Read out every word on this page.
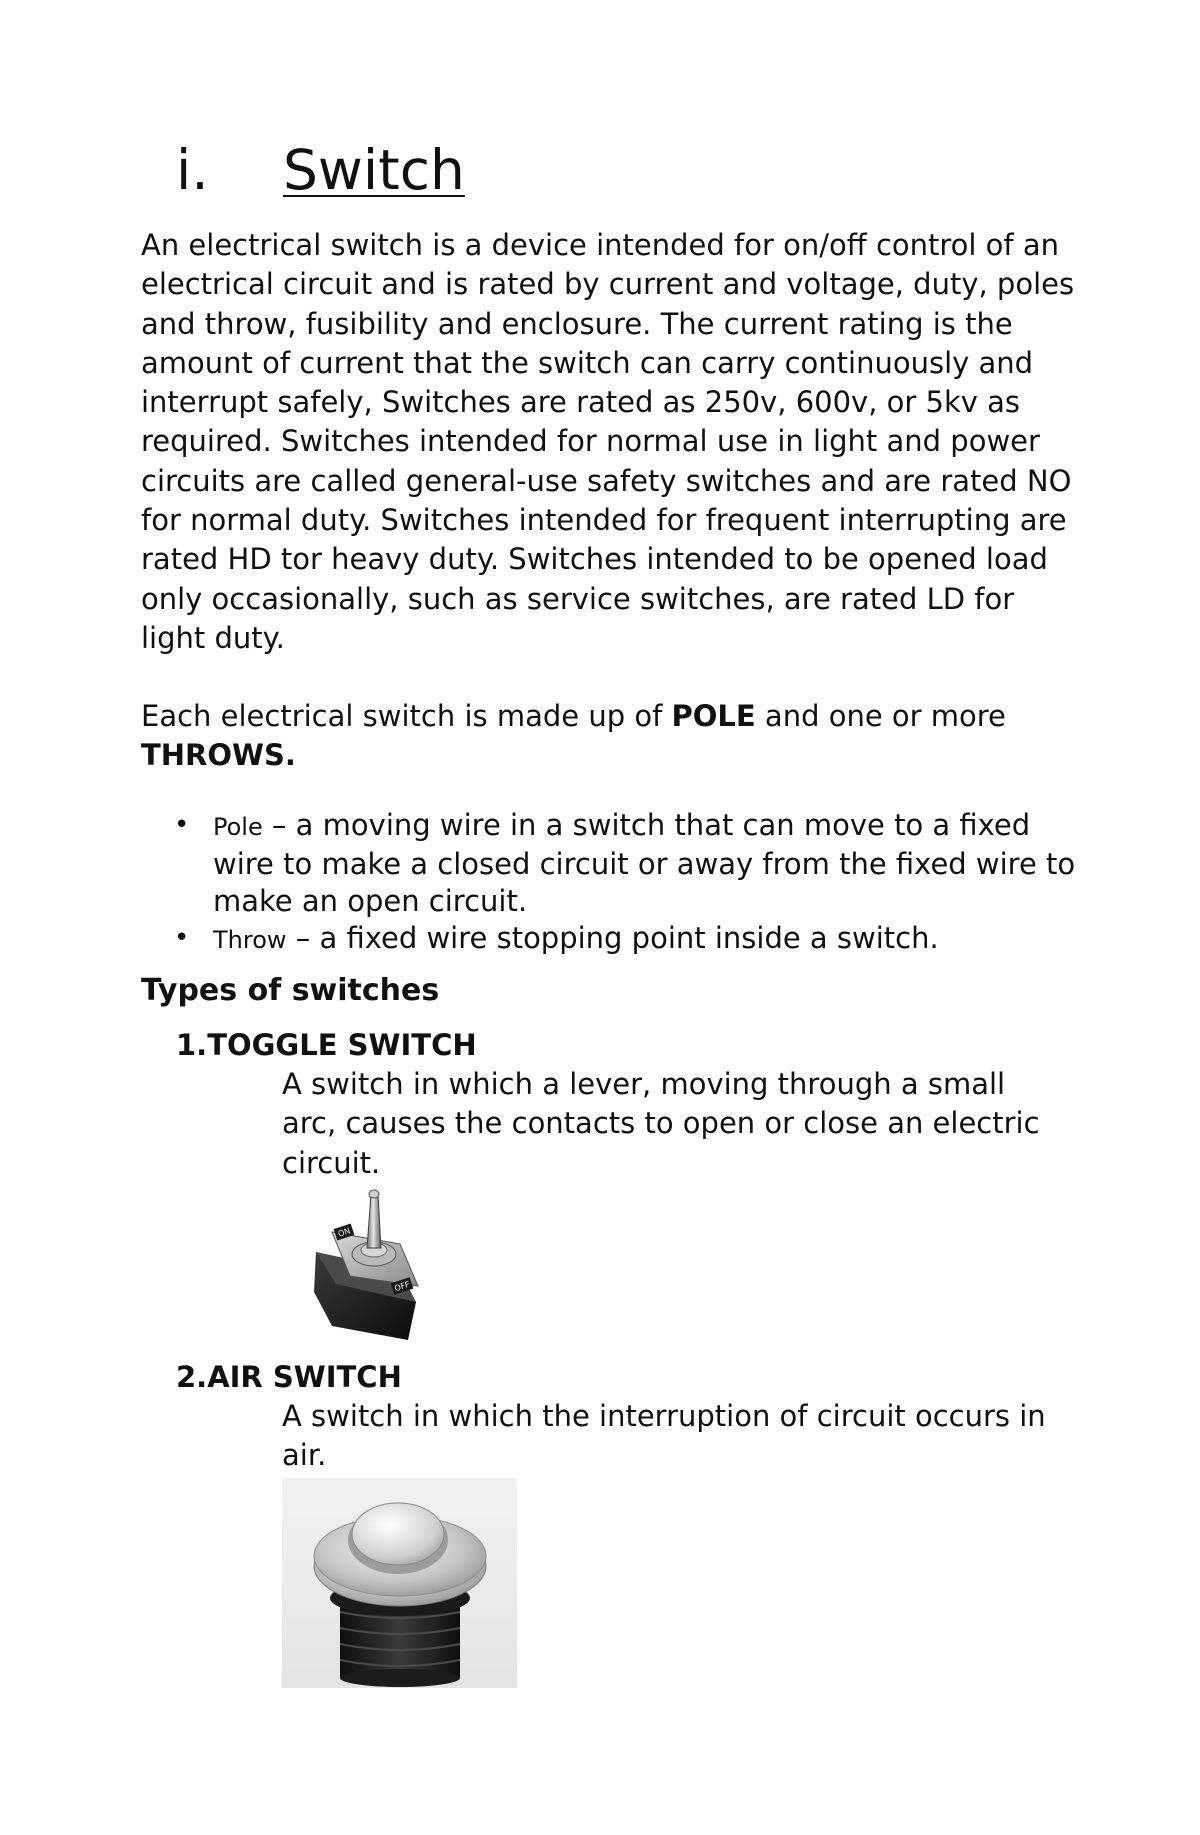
i. Switch

An electrical switch is a device intended for on/off control of an electrical circuit and is rated by current and voltage, duty, poles and throw, fusibility and enclosure. The current rating is the amount of current that the switch can carry continuously and interrupt safely, Switches are rated as 250v, 600v, or 5kv as required. Switches intended for normal use in light and power circuits are called general-use safety switches and are rated NO for normal duty. Switches intended for frequent interrupting are rated HD tor heavy duty. Switches intended to be opened load only occasionally, such as service switches, are rated LD for light duty.

Each electrical switch is made up of POLE and one or more THROWS.

• Pole – a moving wire in a switch that can move to a fixed wire to make a closed circuit or away from the fixed wire to make an open circuit.
• Throw – a fixed wire stopping point inside a switch.
Types of switches
1.TOGGLE SWITCH

A switch in which a lever, moving through a small arc, causes the contacts to open or close an electric circuit.

ON
OFF
2.AIR SWITCH

A switch in which the interruption of circuit occurs in air.
